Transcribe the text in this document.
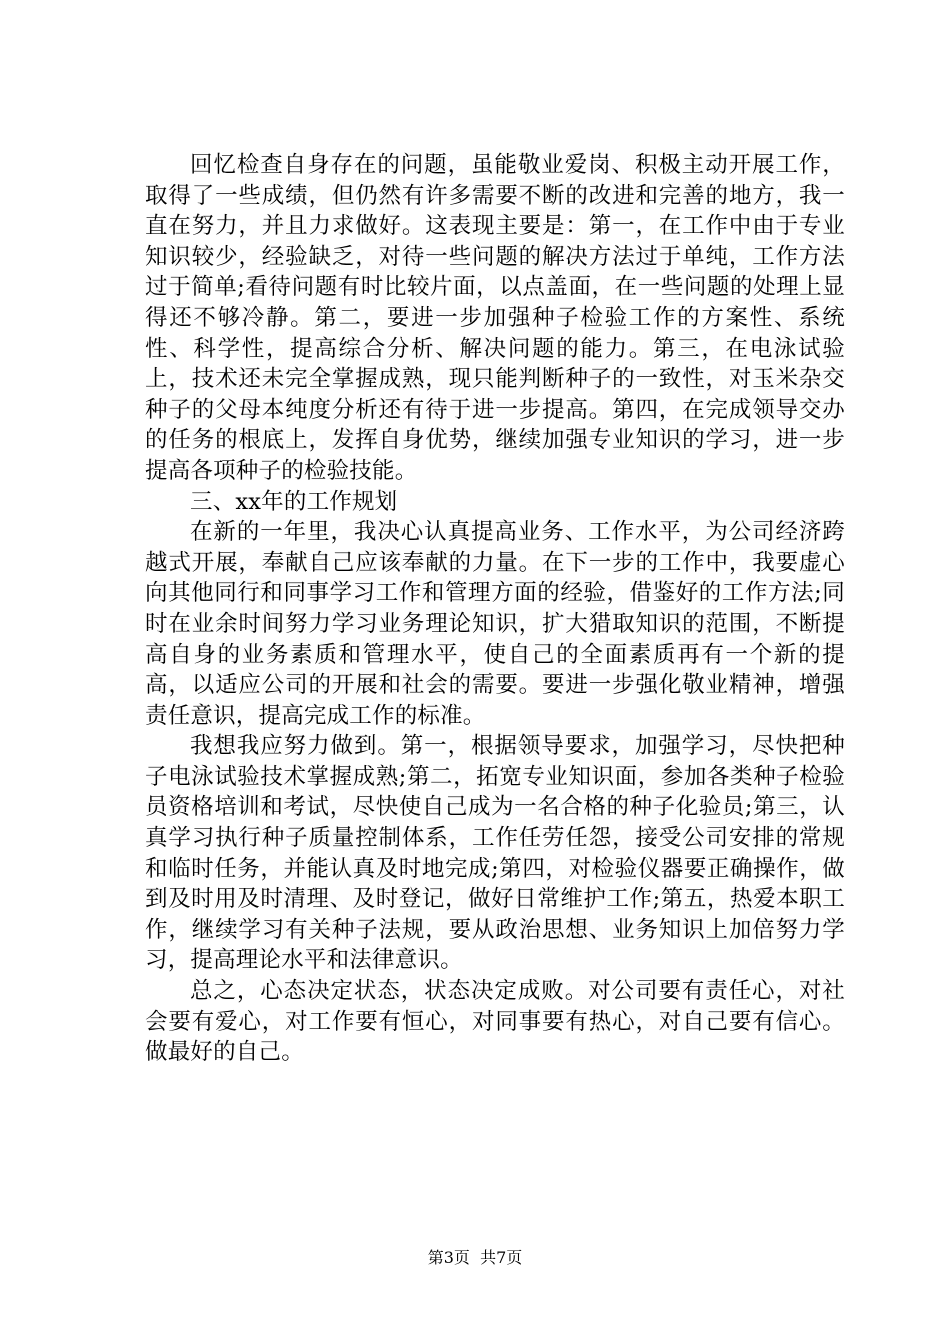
回忆检查自身存在的问题，虽能敬业爱岗、积极主动开展工作，取得了一些成绩，但仍然有许多需要不断的改进和完善的地方，我一直在努力，并且力求做好。这表现主要是：第一，在工作中由于专业知识较少，经验缺乏，对待一些问题的解决方法过于单纯，工作方法过于简单;看待问题有时比较片面，以点盖面，在一些问题的处理上显得还不够冷静。第二，要进一步加强种子检验工作的方案性、系统性、科学性，提高综合分析、解决问题的能力。第三，在电泳试验上，技术还未完全掌握成熟，现只能判断种子的一致性，对玉米杂交种子的父母本纯度分析还有待于进一步提高。第四，在完成领导交办的任务的根底上，发挥自身优势，继续加强专业知识的学习，进一步提高各项种子的检验技能。

三、xx年的工作规划

在新的一年里，我决心认真提高业务、工作水平，为公司经济跨越式开展，奉献自己应该奉献的力量。在下一步的工作中，我要虚心向其他同行和同事学习工作和管理方面的经验，借鉴好的工作方法;同时在业余时间努力学习业务理论知识，扩大猎取知识的范围，不断提高自身的业务素质和管理水平，使自己的全面素质再有一个新的提高，以适应公司的开展和社会的需要。要进一步强化敬业精神，增强责任意识，提高完成工作的标准。

我想我应努力做到。第一，根据领导要求，加强学习，尽快把种子电泳试验技术掌握成熟;第二，拓宽专业知识面，参加各类种子检验员资格培训和考试，尽快使自己成为一名合格的种子化验员;第三，认真学习执行种子质量控制体系，工作任劳任怨，接受公司安排的常规和临时任务，并能认真及时地完成;第四，对检验仪器要正确操作，做到及时用及时清理、及时登记，做好日常维护工作;第五，热爱本职工作，继续学习有关种子法规，要从政治思想、业务知识上加倍努力学习，提高理论水平和法律意识。

总之，心态决定状态，状态决定成败。对公司要有责任心，对社会要有爱心，对工作要有恒心，对同事要有热心，对自己要有信心。做最好的自己。

第3页 共7页
